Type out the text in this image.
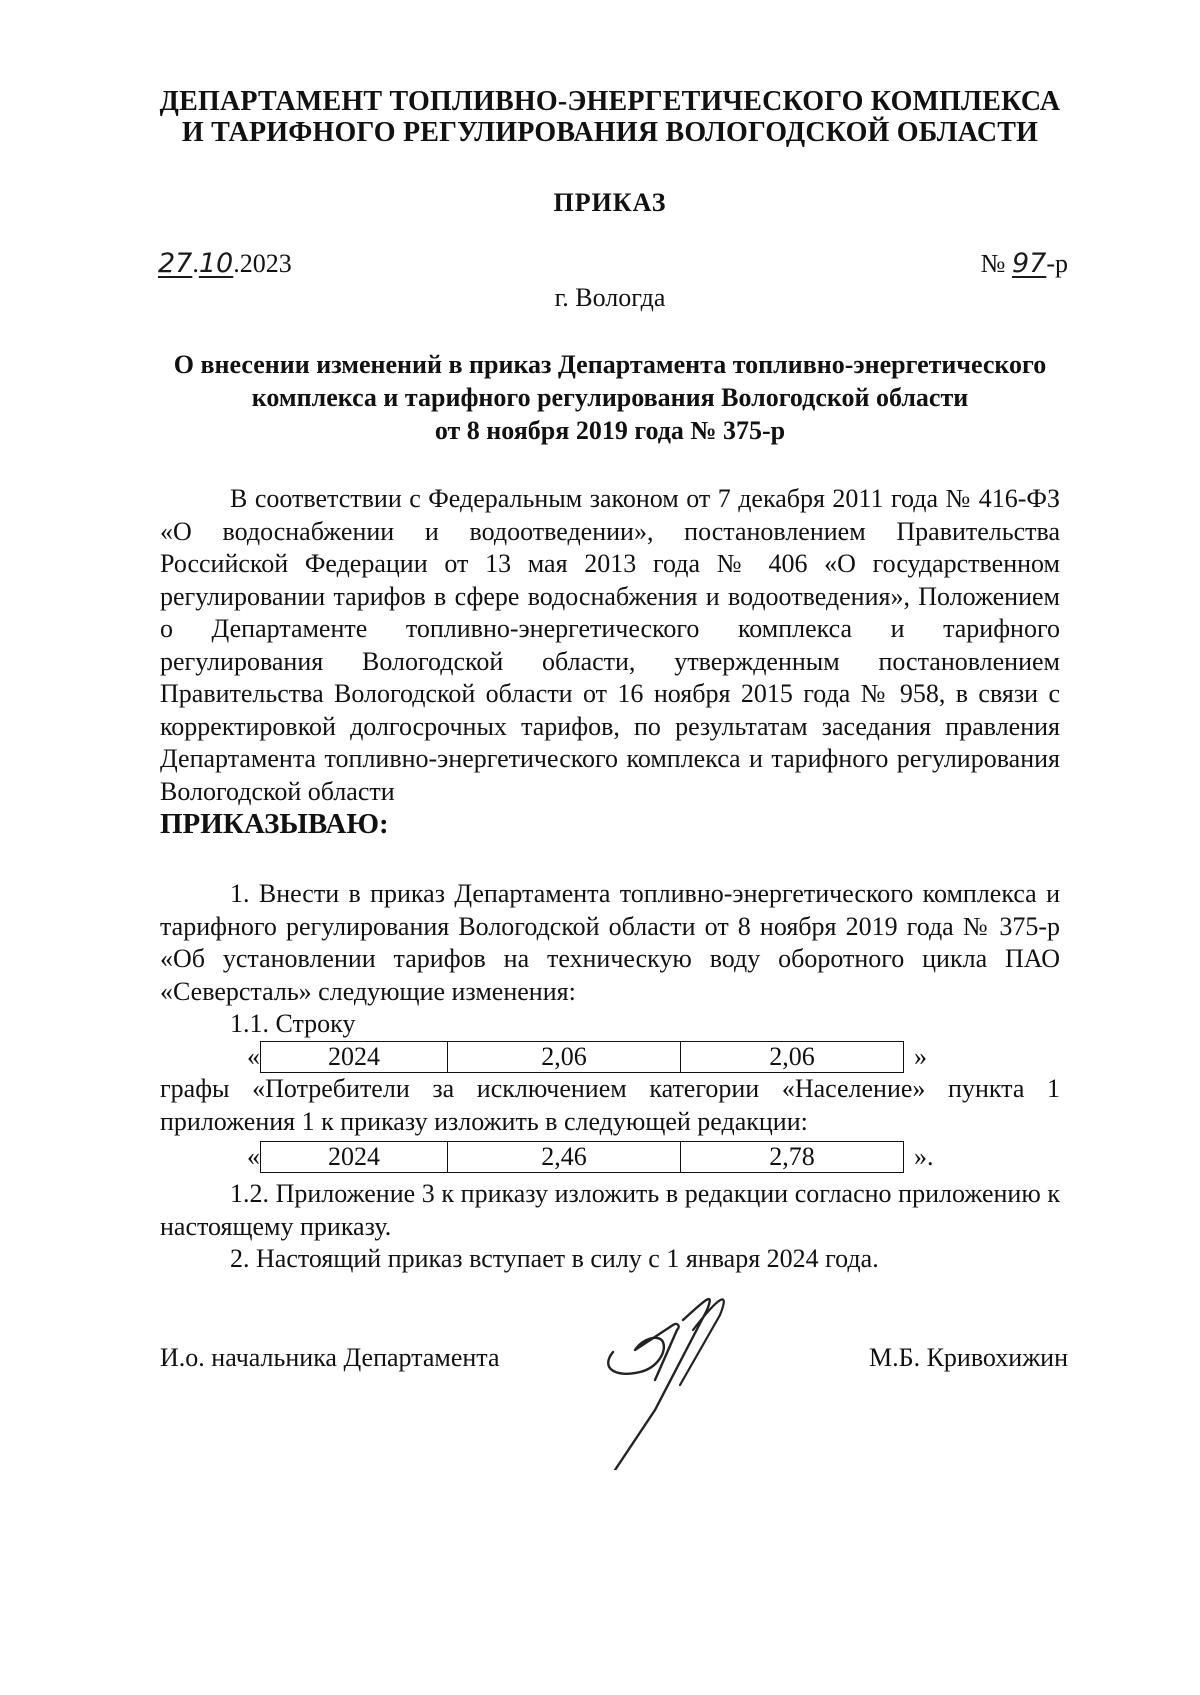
ДЕПАРТАМЕНТ ТОПЛИВНО-ЭНЕРГЕТИЧЕСКОГО КОМПЛЕКСА
И ТАРИФНОГО РЕГУЛИРОВАНИЯ ВОЛОГОДСКОЙ ОБЛАСТИ
ПРИКАЗ
27.10.2023	№ 97-р
г. Вологда
О внесении изменений в приказ Департамента топливно-энергетического
комплекса и тарифного регулирования Вологодской области
от 8 ноября 2019 года № 375-р
В соответствии с Федеральным законом от 7 декабря 2011 года № 416-ФЗ «О водоснабжении и водоотведении», постановлением Правительства Российской Федерации от 13 мая 2013 года № 406 «О государственном регулировании тарифов в сфере водоснабжения и водоотведения», Положением о Департаменте топливно-энергетического комплекса и тарифного регулирования Вологодской области, утвержденным постановлением Правительства Вологодской области от 16 ноября 2015 года № 958, в связи с корректировкой долгосрочных тарифов, по результатам заседания правления Департамента топливно-энергетического комплекса и тарифного регулирования Вологодской области
ПРИКАЗЫВАЮ:
1. Внести в приказ Департамента топливно-энергетического комплекса и тарифного регулирования Вологодской области от 8 ноября 2019 года № 375-р «Об установлении тарифов на техническую воду оборотного цикла ПАО «Северсталь» следующие изменения:
1.1. Строку
«	2024	2,06	2,06	»
графы «Потребители за исключением категории «Население» пункта 1 приложения 1 к приказу изложить в следующей редакции:
«	2024	2,46	2,78	».
1.2. Приложение 3 к приказу изложить в редакции согласно приложению к настоящему приказу.
2. Настоящий приказ вступает в силу с 1 января 2024 года.
И.о. начальника Департамента	М.Б. Кривохижин
